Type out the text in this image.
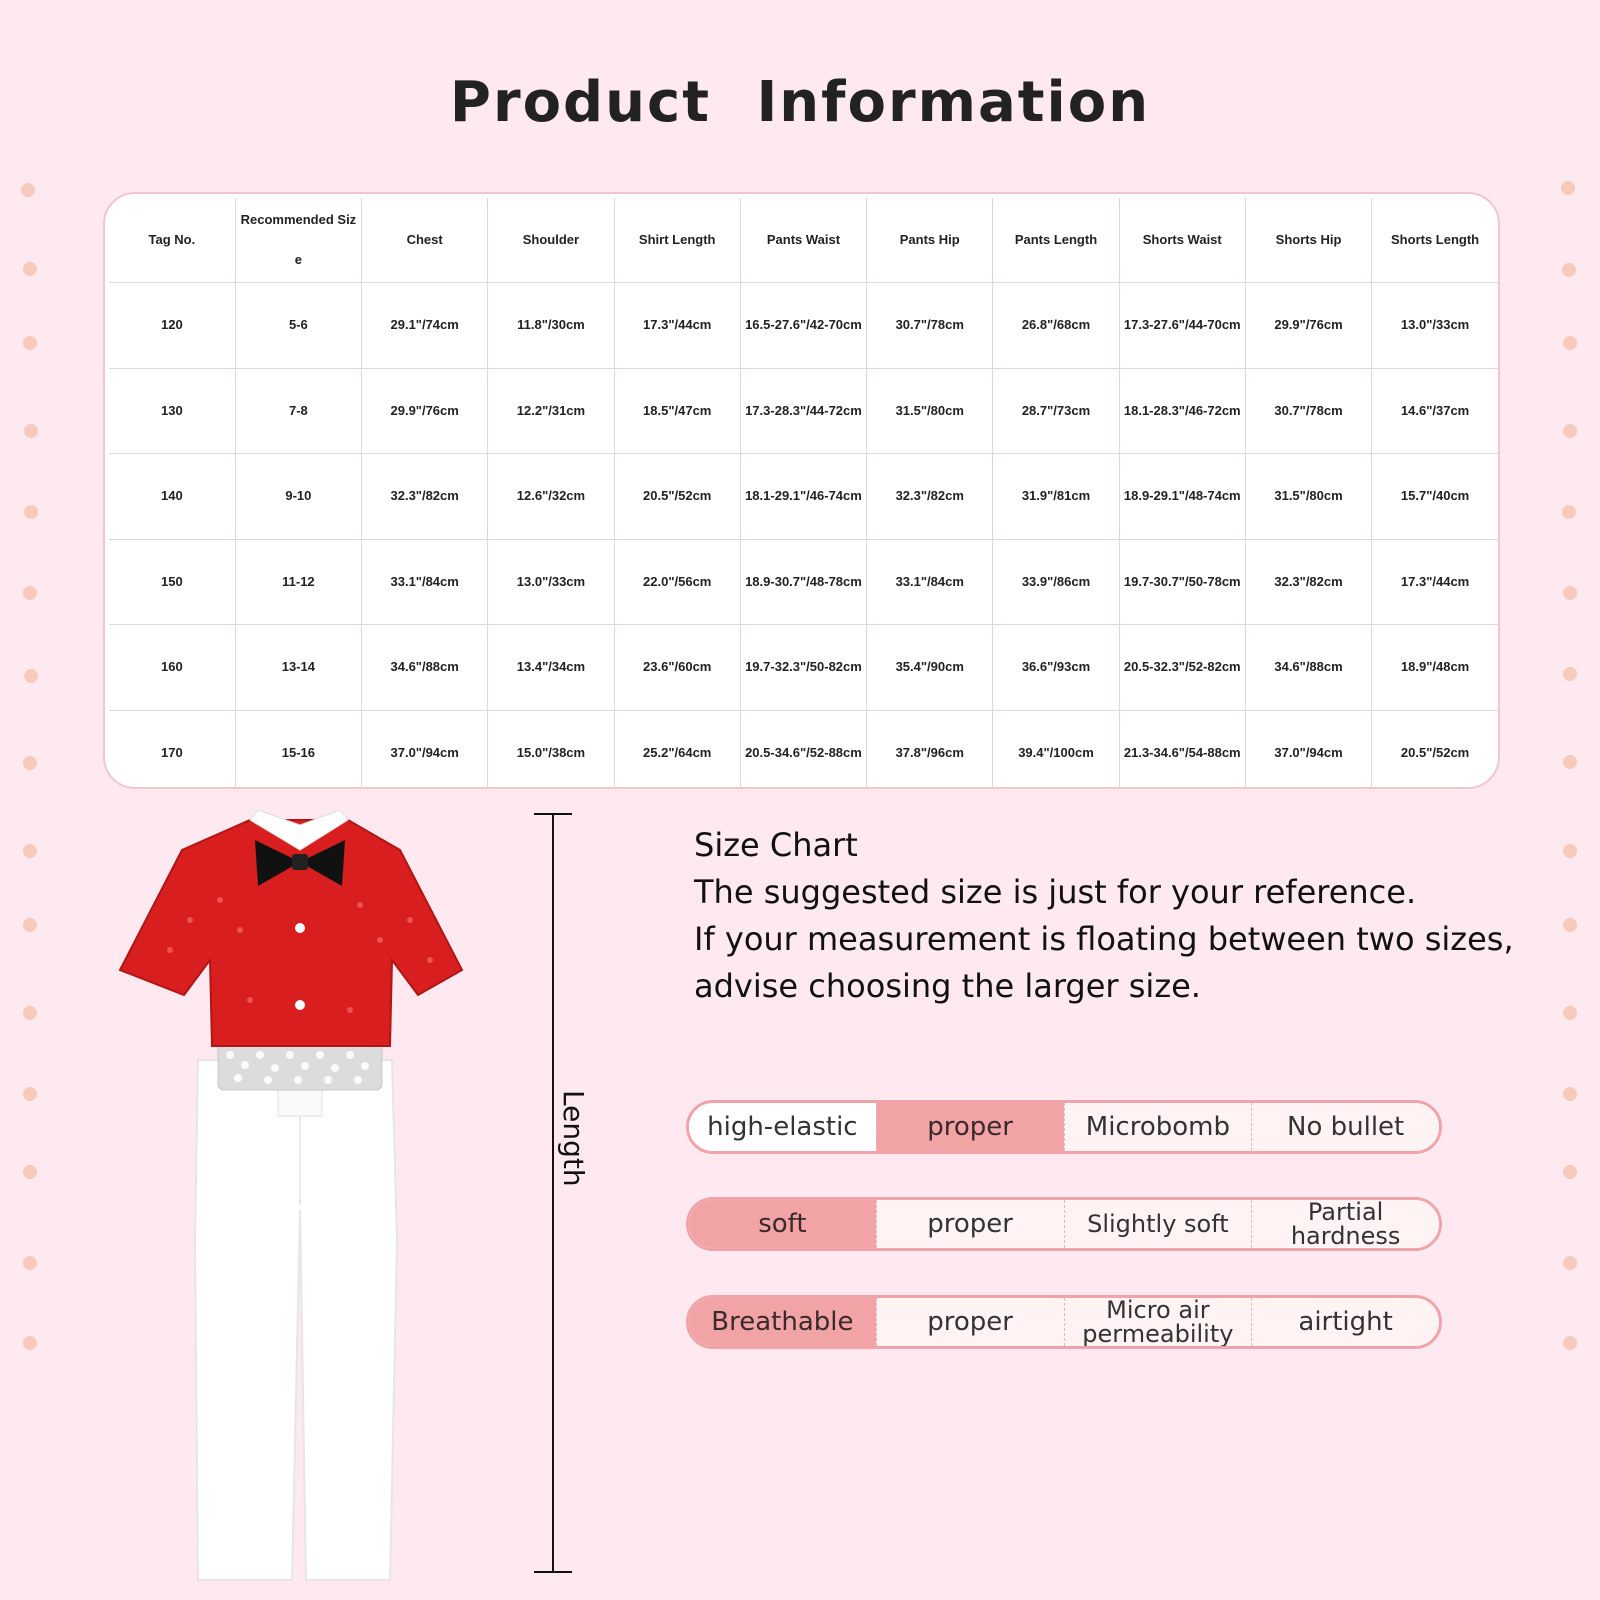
Product Information
Tag No.	Recommended Size	Chest	Shoulder	Shirt Length	Pants Waist	Pants Hip	Pants Length	Shorts Waist	Shorts Hip	Shorts Length
120	5-6	29.1"/74cm	11.8"/30cm	17.3"/44cm	16.5-27.6"/42-70cm	30.7"/78cm	26.8"/68cm	17.3-27.6"/44-70cm	29.9"/76cm	13.0"/33cm
130	7-8	29.9"/76cm	12.2"/31cm	18.5"/47cm	17.3-28.3"/44-72cm	31.5"/80cm	28.7"/73cm	18.1-28.3"/46-72cm	30.7"/78cm	14.6"/37cm
140	9-10	32.3"/82cm	12.6"/32cm	20.5"/52cm	18.1-29.1"/46-74cm	32.3"/82cm	31.9"/81cm	18.9-29.1"/48-74cm	31.5"/80cm	15.7"/40cm
150	11-12	33.1"/84cm	13.0"/33cm	22.0"/56cm	18.9-30.7"/48-78cm	33.1"/84cm	33.9"/86cm	19.7-30.7"/50-78cm	32.3"/82cm	17.3"/44cm
160	13-14	34.6"/88cm	13.4"/34cm	23.6"/60cm	19.7-32.3"/50-82cm	35.4"/90cm	36.6"/93cm	20.5-32.3"/52-82cm	34.6"/88cm	18.9"/48cm
170	15-16	37.0"/94cm	15.0"/38cm	25.2"/64cm	20.5-34.6"/52-88cm	37.8"/96cm	39.4"/100cm	21.3-34.6"/54-88cm	37.0"/94cm	20.5"/52cm
Length
Size Chart
The suggested size is just for your reference.
If your measurement is floating between two sizes,
advise choosing the larger size.
high-elastic	proper	Microbomb	No bullet
soft	proper	Slightly soft	Partial hardness
Breathable	proper	Micro air permeability	airtight
